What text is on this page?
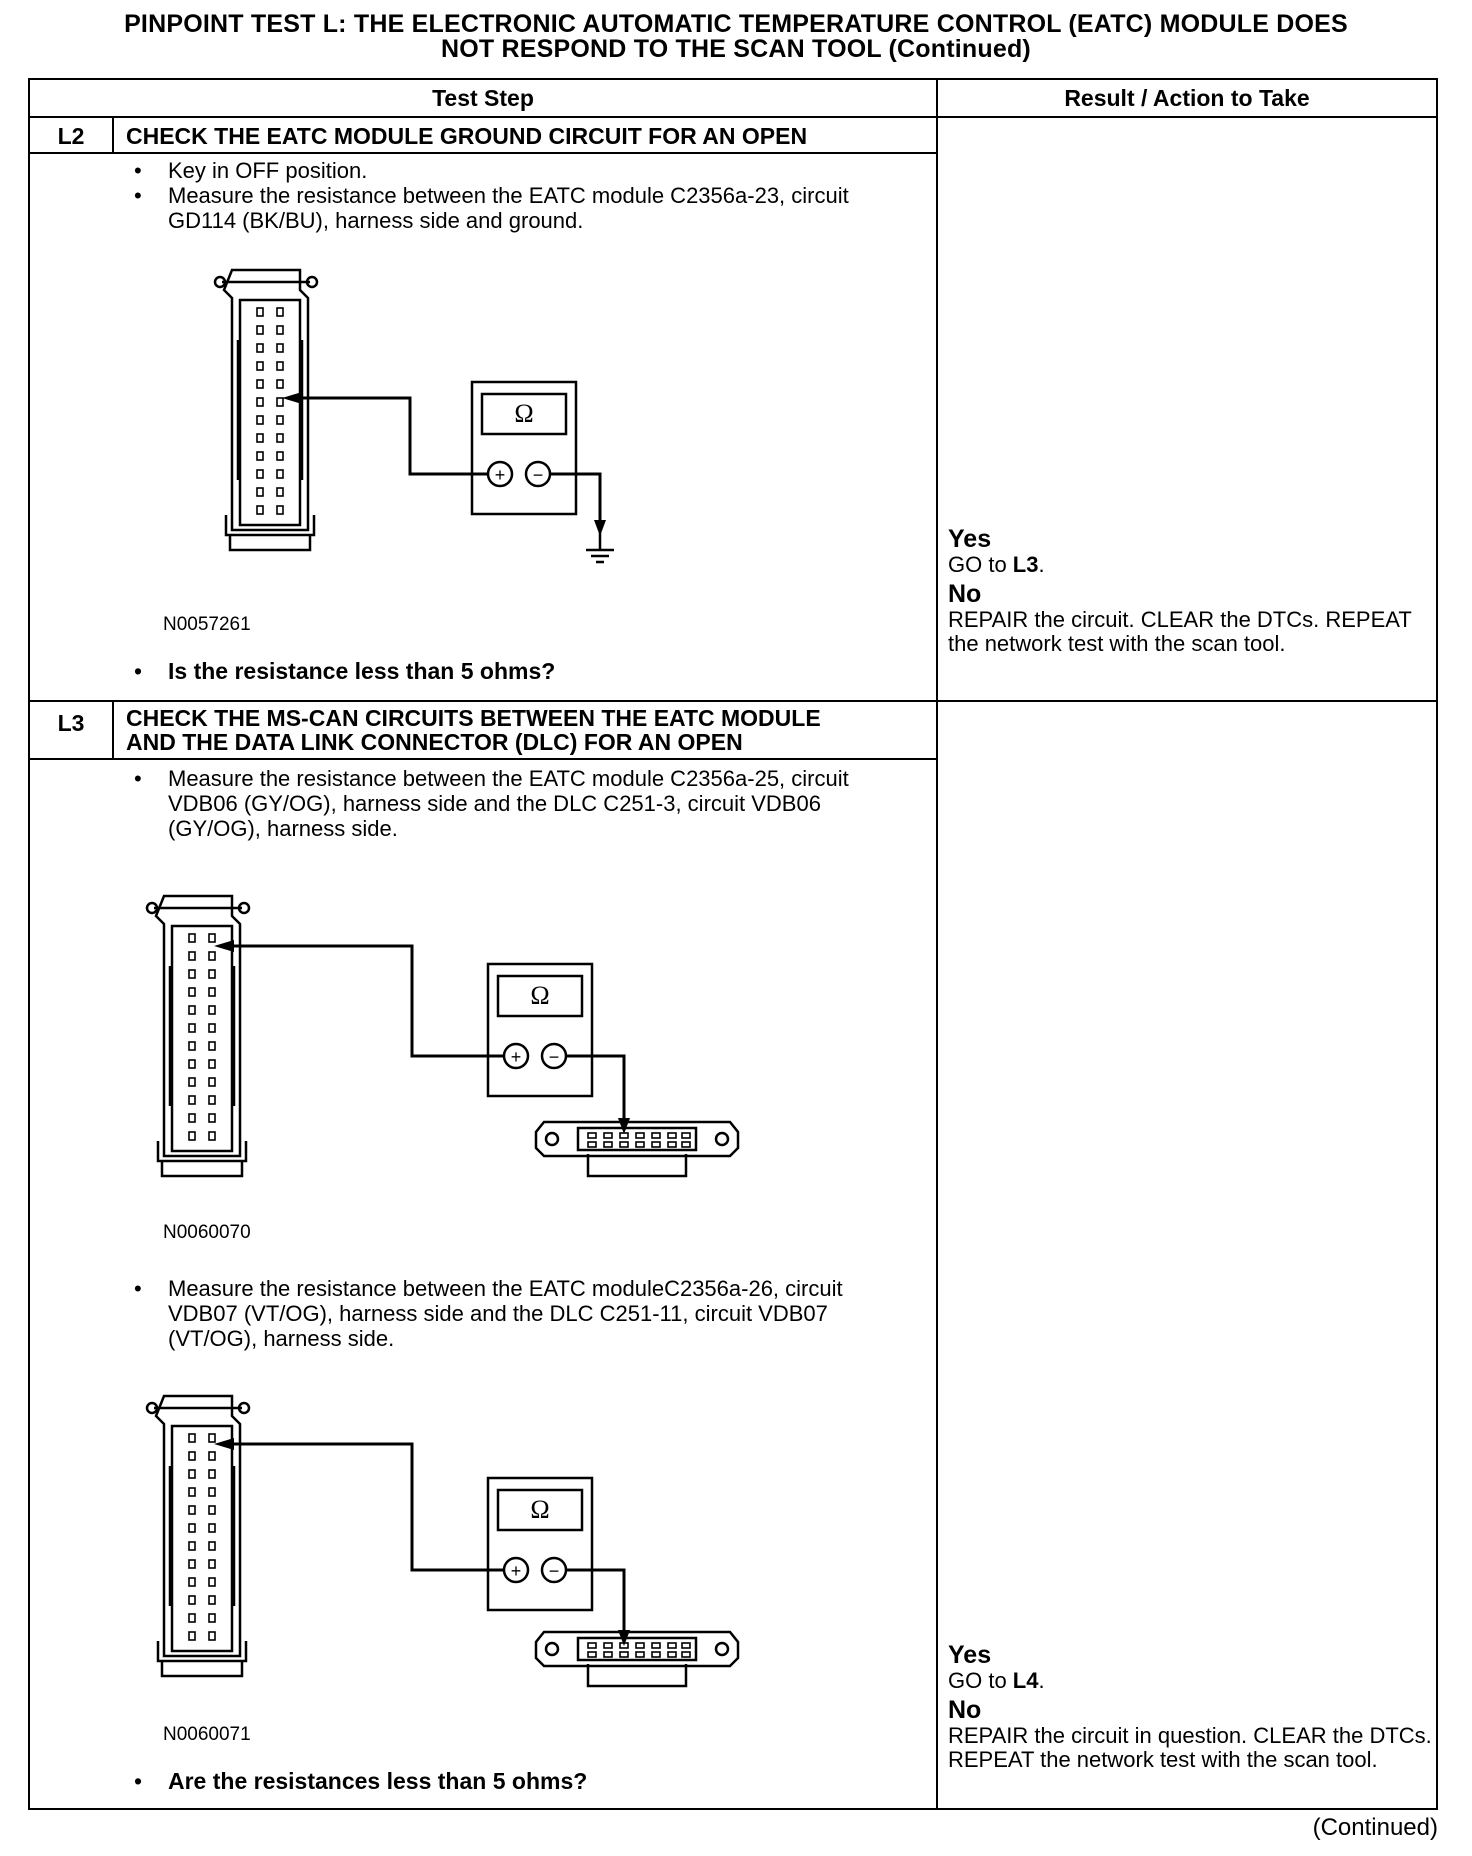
PINPOINT TEST L: THE ELECTRONIC AUTOMATIC TEMPERATURE CONTROL (EATC) MODULE DOES
NOT RESPOND TO THE SCAN TOOL (Continued)
Test Step	Result / Action to Take
L2	CHECK THE EATC MODULE GROUND CIRCUIT FOR AN OPEN
• Key in OFF position.
• Measure the resistance between the EATC module C2356a-23, circuit GD114 (BK/BU), harness side and ground.
Ω
+ −
N0057261
• Is the resistance less than 5 ohms?

Yes

GO to L3.

No

REPAIR the circuit. CLEAR the DTCs. REPEAT the network test with the scan tool.

L3	CHECK THE MS-CAN CIRCUITS BETWEEN THE EATC MODULE
AND THE DATA LINK CONNECTOR (DLC) FOR AN OPEN
• Measure the resistance between the EATC module C2356a-25, circuit VDB06 (GY/OG), harness side and the DLC C251-3, circuit VDB06 (GY/OG), harness side.
Ω
+ −
N0060070
• Measure the resistance between the EATC moduleC2356a-26, circuit VDB07 (VT/OG), harness side and the DLC C251-11, circuit VDB07 (VT/OG), harness side.
Ω
+ −
N0060071
• Are the resistances less than 5 ohms?

Yes

GO to L4.

No

REPAIR the circuit in question. CLEAR the DTCs. REPEAT the network test with the scan tool.

(Continued)
